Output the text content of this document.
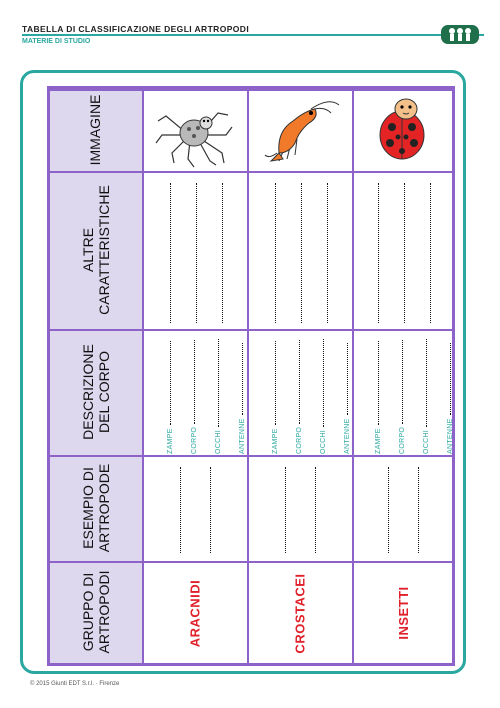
TABELLA DI CLASSIFICAZIONE DEGLI ARTROPODI
MATERIE DI STUDIO
IMMAGINE
ALTRE CARATTERISTICHE
DESCRIZIONE DEL CORPO
ESEMPIO DI ARTROPODE
GRUPPO DI ARTROPODI
ZAMPE CORPO OCCHI ANTENNE
ARACNIDI
ZAMPE CORPO OCCHI ANTENNE
CROSTACEI
ZAMPE CORPO OCCHI ANTENNE
INSETTI
© 2015 Giunti EDT S.r.l. · Firenze
